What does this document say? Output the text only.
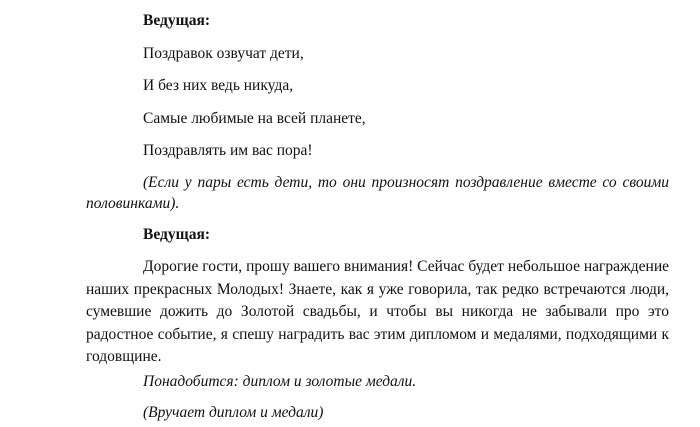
Ведущая:
Поздравок озвучат дети,
И без них ведь никуда,
Самые любимые на всей планете,
Поздравлять им вас пора!
(Если у пары есть дети, то они произносят поздравление вместе со своими половинками).
Ведущая:
Дорогие гости, прошу вашего внимания! Сейчас будет небольшое награждение наших прекрасных Молодых! Знаете, как я уже говорила, так редко встречаются люди, сумевшие дожить до Золотой свадьбы, и чтобы вы никогда не забывали про это радостное событие, я спешу наградить вас этим дипломом и медалями, подходящими к годовщине.
Понадобится: диплом и золотые медали.
(Вручает диплом и медали)
